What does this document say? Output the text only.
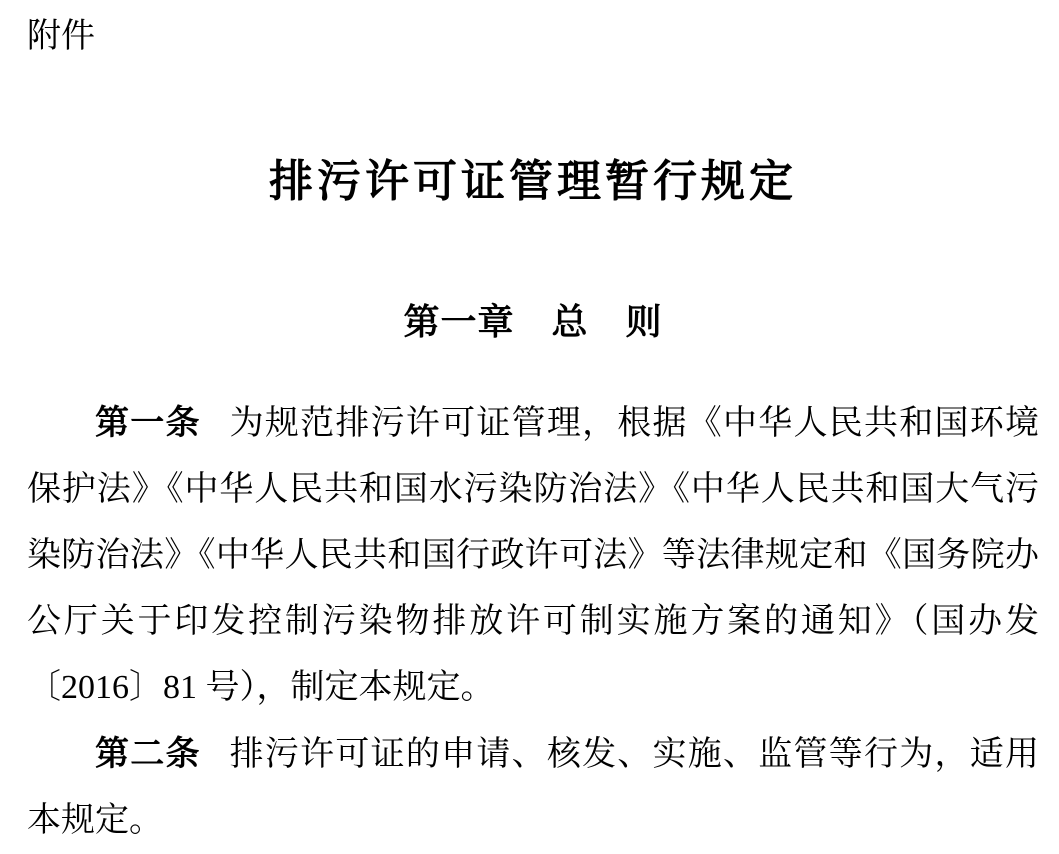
附件
排污许可证管理暂行规定
第一章　总　则

第一条 为规范排污许可证管理，根据《中华人民共和国环境保护法》《中华人民共和国水污染防治法》《中华人民共和国大气污染防治法》《中华人民共和国行政许可法》等法律规定和《国务院办公厅关于印发控制污染物排放许可制实施方案的通知》（国办发〔2016〕81 号），制定本规定。

第二条 排污许可证的申请、核发、实施、监管等行为，适用本规定。
